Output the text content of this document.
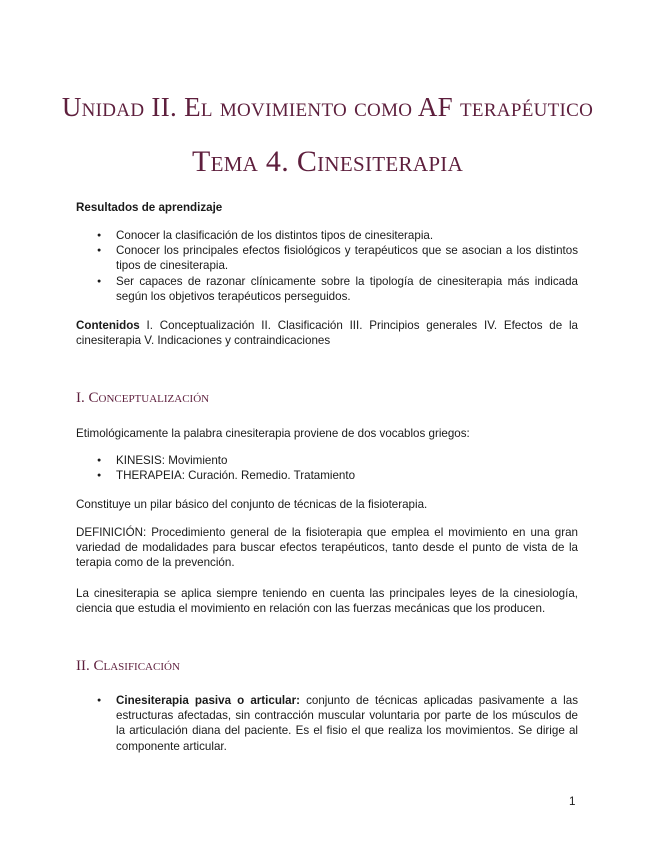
Unidad II. El movimiento como AF terapéutico
Tema 4. Cinesiterapia

Resultados de aprendizaje

● Conocer la clasificación de los distintos tipos de cinesiterapia.
● Conocer los principales efectos fisiológicos y terapéuticos que se asocian a los distintos tipos de cinesiterapia.
● Ser capaces de razonar clínicamente sobre la tipología de cinesiterapia más indicada según los objetivos terapéuticos perseguidos.

Contenidos I. Conceptualización II. Clasificación III. Principios generales IV. Efectos de la cinesiterapia V. Indicaciones y contraindicaciones

I. Conceptualización

Etimológicamente la palabra cinesiterapia proviene de dos vocablos griegos:

● KINESIS: Movimiento
● THERAPEIA: Curación. Remedio. Tratamiento

Constituye un pilar básico del conjunto de técnicas de la fisioterapia.

DEFINICIÓN: Procedimiento general de la fisioterapia que emplea el movimiento en una gran variedad de modalidades para buscar efectos terapéuticos, tanto desde el punto de vista de la terapia como de la prevención.

La cinesiterapia se aplica siempre teniendo en cuenta las principales leyes de la cinesiología, ciencia que estudia el movimiento en relación con las fuerzas mecánicas que los producen.

II. Clasificación
● Cinesiterapia pasiva o articular: conjunto de técnicas aplicadas pasivamente a las estructuras afectadas, sin contracción muscular voluntaria por parte de los músculos de la articulación diana del paciente. Es el fisio el que realiza los movimientos. Se dirige al componente articular.
1
